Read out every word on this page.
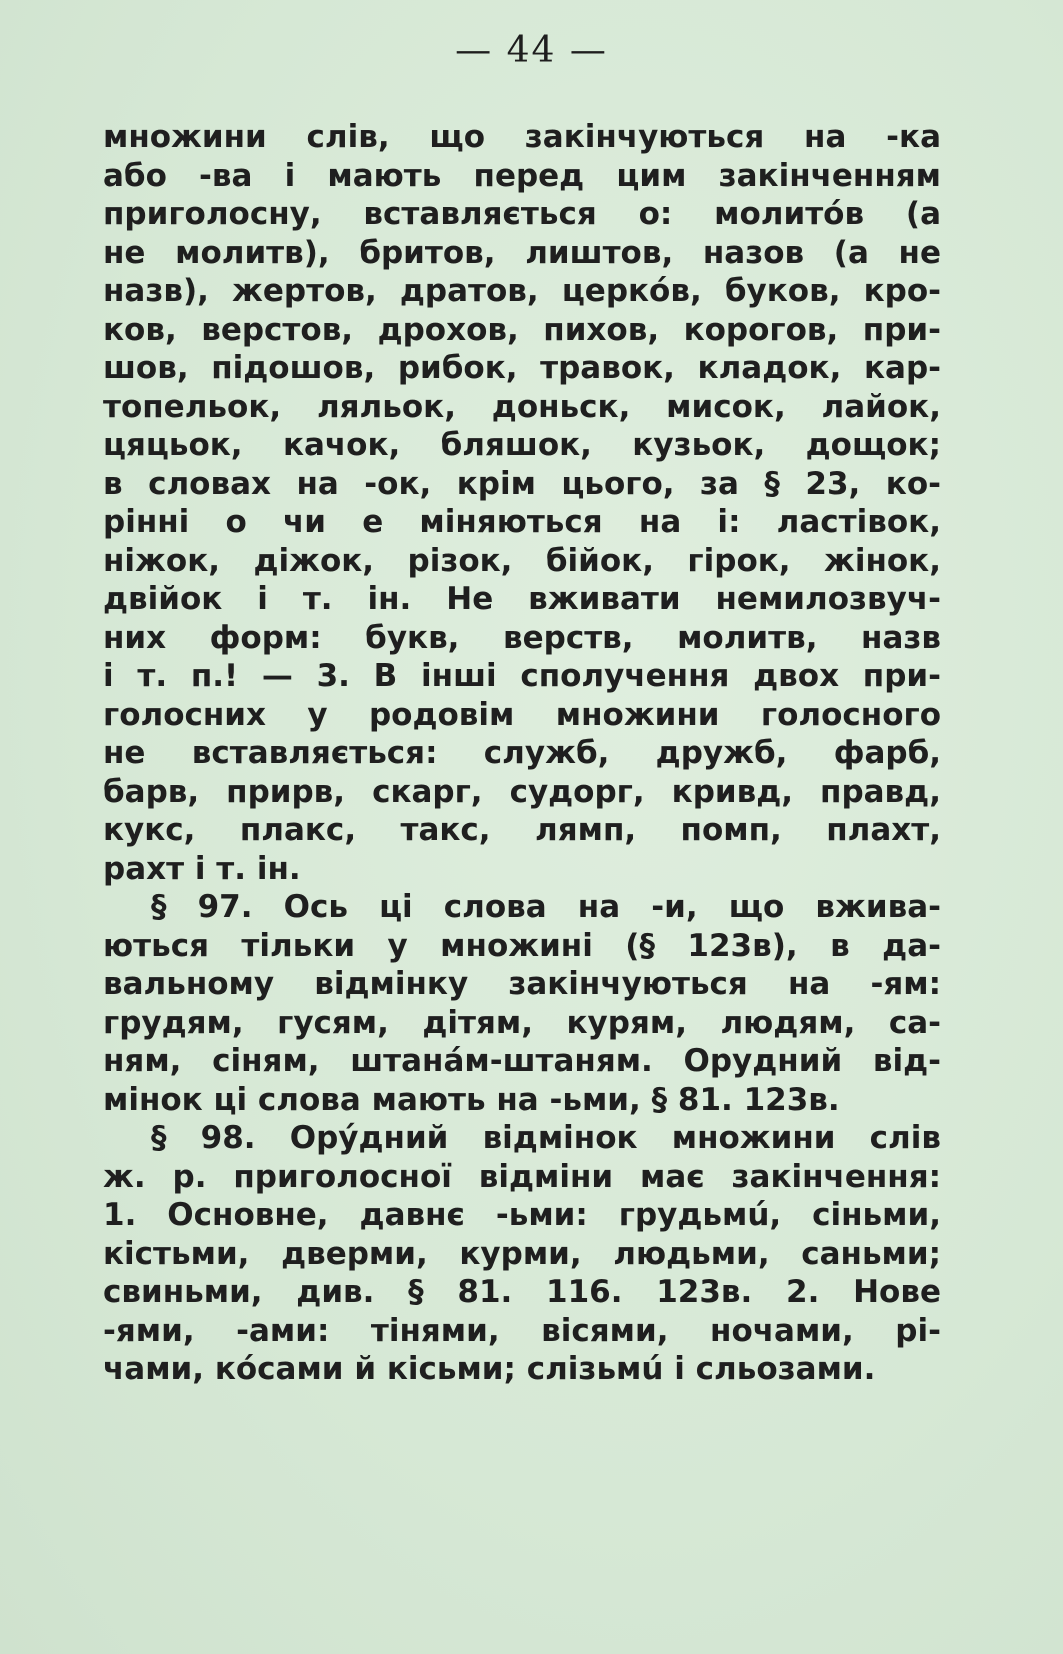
— 44 —
множини слів, що закінчуються на -ка
або -ва і мають перед цим закінченням
приголосну, вставляється о: молитóв (а
не молитв), бритов, лиштов, назов (а не
назв), жертов, дратов, церкóв, буков, кро-
ков, верстов, дрохов, пихов, корогов, при-
шов, підошов, рибок, травок, кладок, кар-
топельок, ляльок, доньск, мисок, лайок,
цяцьок, качок, бляшок, кузьок, дощок;
в словах на -ок, крім цього, за § 23, ко-
рінні о чи е міняються на і: ластівок,
ніжок, діжок, різок, бійок, гірок, жінок,
двійок і т. ін. Не вживати немилозвуч-
них форм: букв, верств, молитв, назв
і т. п.! — 3. В інші сполучення двох при-
голосних у родовім множини голосного
не вставляється: служб, дружб, фарб,
барв, прирв, скарг, судорг, кривд, правд,
кукс, плакс, такс, лямп, помп, плахт,
рахт і т. ін.
§ 97. Ось ці слова на -и, що вжива-
ються тільки у множині (§ 123в), в да-
вальному відмінку закінчуються на -ям:
грудям, гусям, дітям, курям, людям, са-
ням, сіням, штанáм-штаням. Орудний від-
мінок ці слова мають на -ьми, § 81. 123в.
§ 98. Орýдний відмінок множини слів
ж. р. приголосної відміни має закінчення:
1. Основне, давнє -ьми: грудьмú, сіньми,
кістьми, дверми, курми, людьми, саньми;
свиньми, див. § 81. 116. 123в. 2. Нове
-ями, -ами: тінями, вісями, ночами, рі-
чами, кóсами й кісьми; слізьмú і сльозами.
